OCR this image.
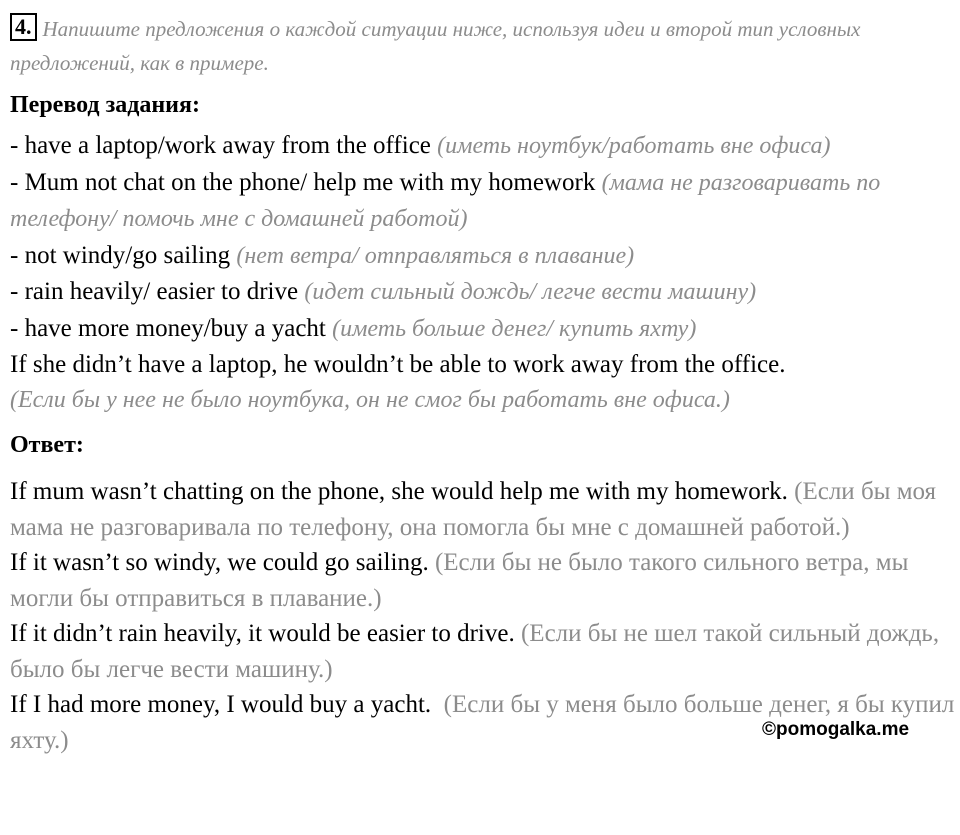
4. Напишите предложения о каждой ситуации ниже, используя идеи и второй тип условных предложений, как в примере.

Перевод задания:

- have a laptop/work away from the office (иметь ноутбук/работать вне офиса)

- Mum not chat on the phone/ help me with my homework (мама не разговаривать по телефону/ помочь мне с домашней работой)

- not windy/go sailing (нет ветра/ отправляться в плавание)

- rain heavily/ easier to drive (идет сильный дождь/ легче вести машину)

- have more money/buy a yacht (иметь больше денег/ купить яхту)

If she didn’t have a laptop, he wouldn’t be able to work away from the office.

(Если бы у нее не было ноутбука, он не смог бы работать вне офиса.)

Ответ:

If mum wasn’t chatting on the phone, she would help me with my homework. (Если бы моя мама не разговаривала по телефону, она помогла бы мне с домашней работой.)

If it wasn’t so windy, we could go sailing. (Если бы не было такого сильного ветра, мы могли бы отправиться в плавание.)

If it didn’t rain heavily, it would be easier to drive. (Если бы не шел такой сильный дождь, было бы легче вести машину.)

If I had more money, I would buy a yacht. (Если бы у меня было больше денег, я бы купил яхту.)	©pomogalka.me
